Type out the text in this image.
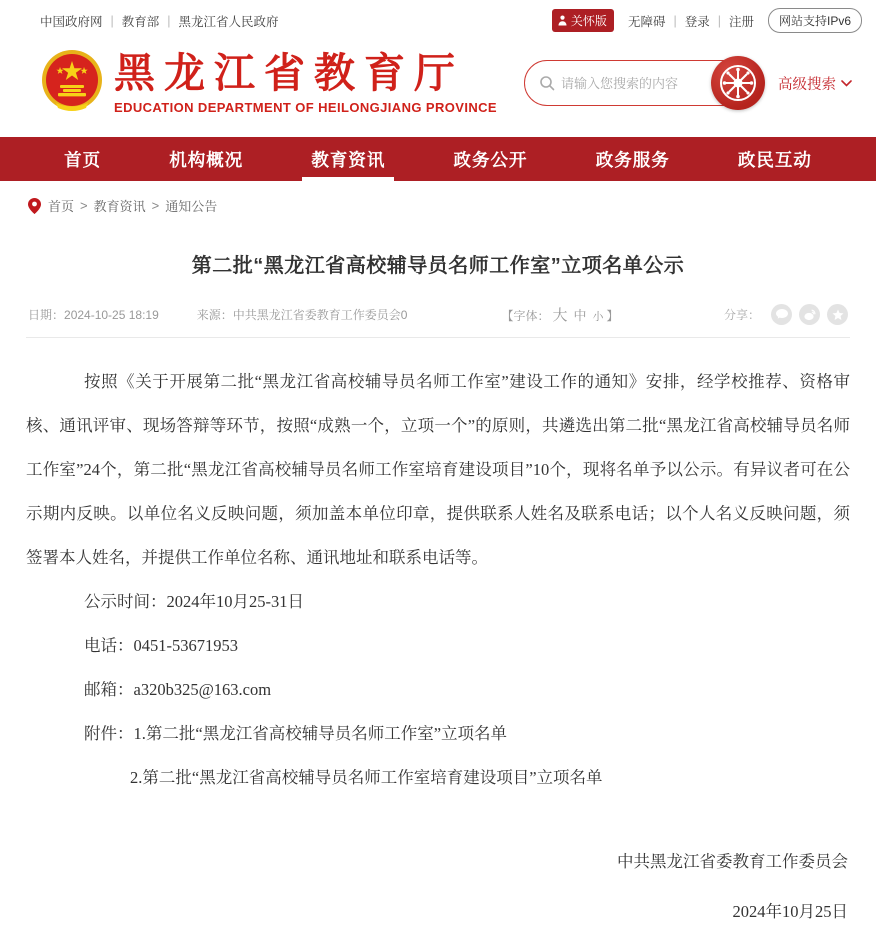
中国政府网 | 教育部 | 黑龙江省人民政府	关怀版 无障碍 | 登录 | 注册	网站支持IPv6
黑龙江省教育厅
EDUCATION DEPARTMENT OF HEILONGJIANG PROVINCE
请输入您搜索的内容
高级搜索
首页	机构概况	教育资讯	政务公开	政务服务	政民互动
首页 > 教育资讯 > 通知公告
第二批“黑龙江省高校辅导员名师工作室”立项名单公示
日期：2024-10-25 18:19	来源：中共黑龙江省委教育工作委员会0	【字体： 大 中 小 】	分享：

按照《关于开展第二批“黑龙江省高校辅导员名师工作室”建设工作的通知》安排，经学校推荐、资格审核、通讯评审、现场答辩等环节，按照“成熟一个，立项一个”的原则，共遴选出第二批“黑龙江省高校辅导员名师工作室”24个，第二批“黑龙江省高校辅导员名师工作室培育建设项目”10个，现将名单予以公示。有异议者可在公示期内反映。以单位名义反映问题，须加盖本单位印章，提供联系人姓名及联系电话；以个人名义反映问题，须签署本人姓名，并提供工作单位名称、通讯地址和联系电话等。

公示时间：2024年10月25-31日

电话：0451-53671953

邮箱：a320b325@163.com

附件：1.第二批“黑龙江省高校辅导员名师工作室”立项名单

2.第二批“黑龙江省高校辅导员名师工作室培育建设项目”立项名单

中共黑龙江省委教育工作委员会
2024年10月25日
